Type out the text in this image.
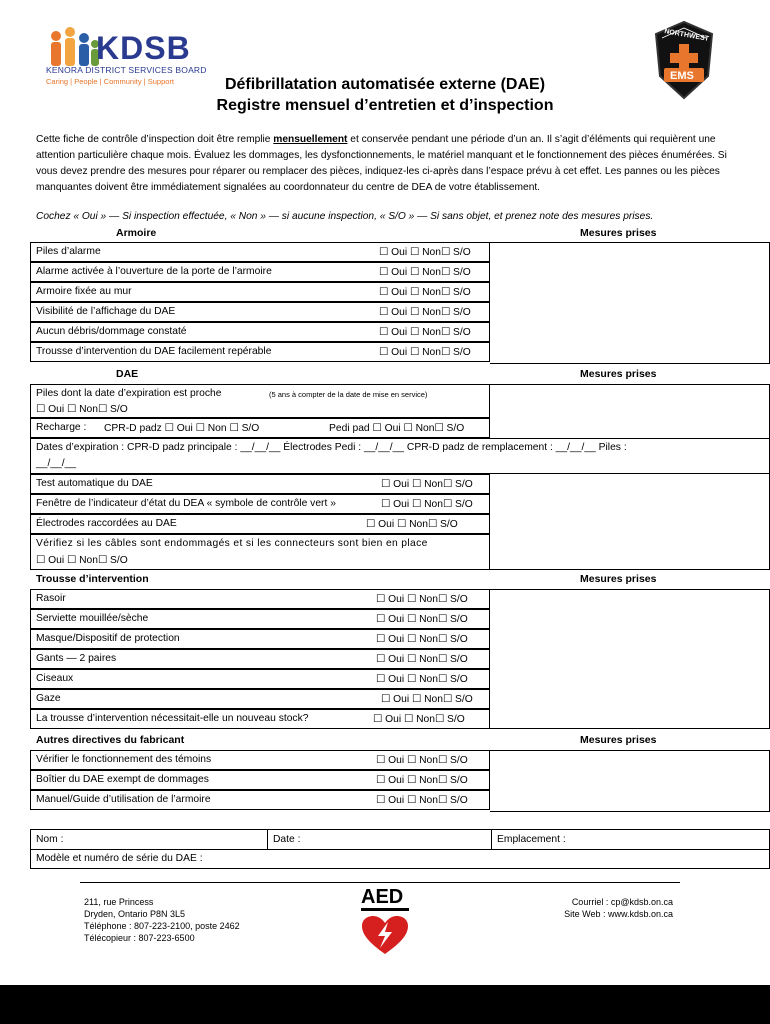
KDSB
KENORA DISTRICT SERVICES BOARD
Caring | People | Community | Support
NORTHWEST
EMS
Défibrillatation automatisée externe (DAE)
Registre mensuel d’entretien et d’inspection
Cette fiche de contrôle d’inspection doit être remplie mensuellement et conservée pendant une période d’un an. Il s’agit d’éléments qui requièrent une attention particulière chaque mois. Évaluez les dommages, les dysfonctionnements, le matériel manquant et le fonctionnement des pièces énumérées. Si vous devez prendre des mesures pour réparer ou remplacer des pièces, indiquez-les ci-après dans l’espace prévu à cet effet. Les pannes ou les pièces manquantes doivent être immédiatement signalées au coordonnateur du centre de DEA de votre établissement.
Cochez « Oui » — Si inspection effectuée, « Non » — si aucune inspection, « S/O » — Si sans objet, et prenez note des mesures prises.
Armoire	Mesures prises
Piles d’alarme	☐ Oui ☐ Non☐ S/O
Alarme activée à l’ouverture de la porte de l’armoire	☐ Oui ☐ Non☐ S/O
Armoire fixée au mur	☐ Oui ☐ Non☐ S/O
Visibilité de l’affichage du DAE	☐ Oui ☐ Non☐ S/O
Aucun débris/dommage constaté	☐ Oui ☐ Non☐ S/O
Trousse d’intervention du DAE facilement repérable	☐ Oui ☐ Non☐ S/O
DAE	Mesures prises
Piles dont la date d’expiration est proche	(5 ans à compter de la date de mise en service)
☐ Oui ☐ Non☐ S/O
Recharge : CPR-D padz ☐ Oui ☐ Non ☐ S/O	Pedi pad ☐ Oui ☐ Non☐ S/O
Dates d’expiration : CPR-D padz principale : __/__/__ Électrodes Pedi : __/__/__ CPR-D padz de remplacement : __/__/__ Piles :
__/__/__
Test automatique du DAE	☐ Oui ☐ Non☐ S/O
Fenêtre de l’indicateur d’état du DEA « symbole de contrôle vert »	☐ Oui ☐ Non☐ S/O
Électrodes raccordées au DAE	☐ Oui ☐ Non☐ S/O
Vérifiez si les câbles sont endommagés et si les connecteurs sont bien en place
☐ Oui ☐ Non☐ S/O
Trousse d’intervention	Mesures prises
Rasoir	☐ Oui ☐ Non☐ S/O
Serviette mouillée/sèche	☐ Oui ☐ Non☐ S/O
Masque/Dispositif de protection	☐ Oui ☐ Non☐ S/O
Gants — 2 paires	☐ Oui ☐ Non☐ S/O
Ciseaux	☐ Oui ☐ Non☐ S/O
Gaze	☐ Oui ☐ Non☐ S/O
La trousse d’intervention nécessitait-elle un nouveau stock?	☐ Oui ☐ Non☐ S/O
Autres directives du fabricant	Mesures prises
Vérifier le fonctionnement des témoins	☐ Oui ☐ Non☐ S/O
Boîtier du DAE exempt de dommages	☐ Oui ☐ Non☐ S/O
Manuel/Guide d’utilisation de l’armoire	☐ Oui ☐ Non☐ S/O
Nom :	Date :	Emplacement :
Modèle et numéro de série du DAE :
211, rue Princess
Dryden, Ontario P8N 3L5
Téléphone : 807-223-2100, poste 2462
Télécopieur : 807-223-6500
AED	Courriel : cp@kdsb.on.ca
Site Web : www.kdsb.on.ca
